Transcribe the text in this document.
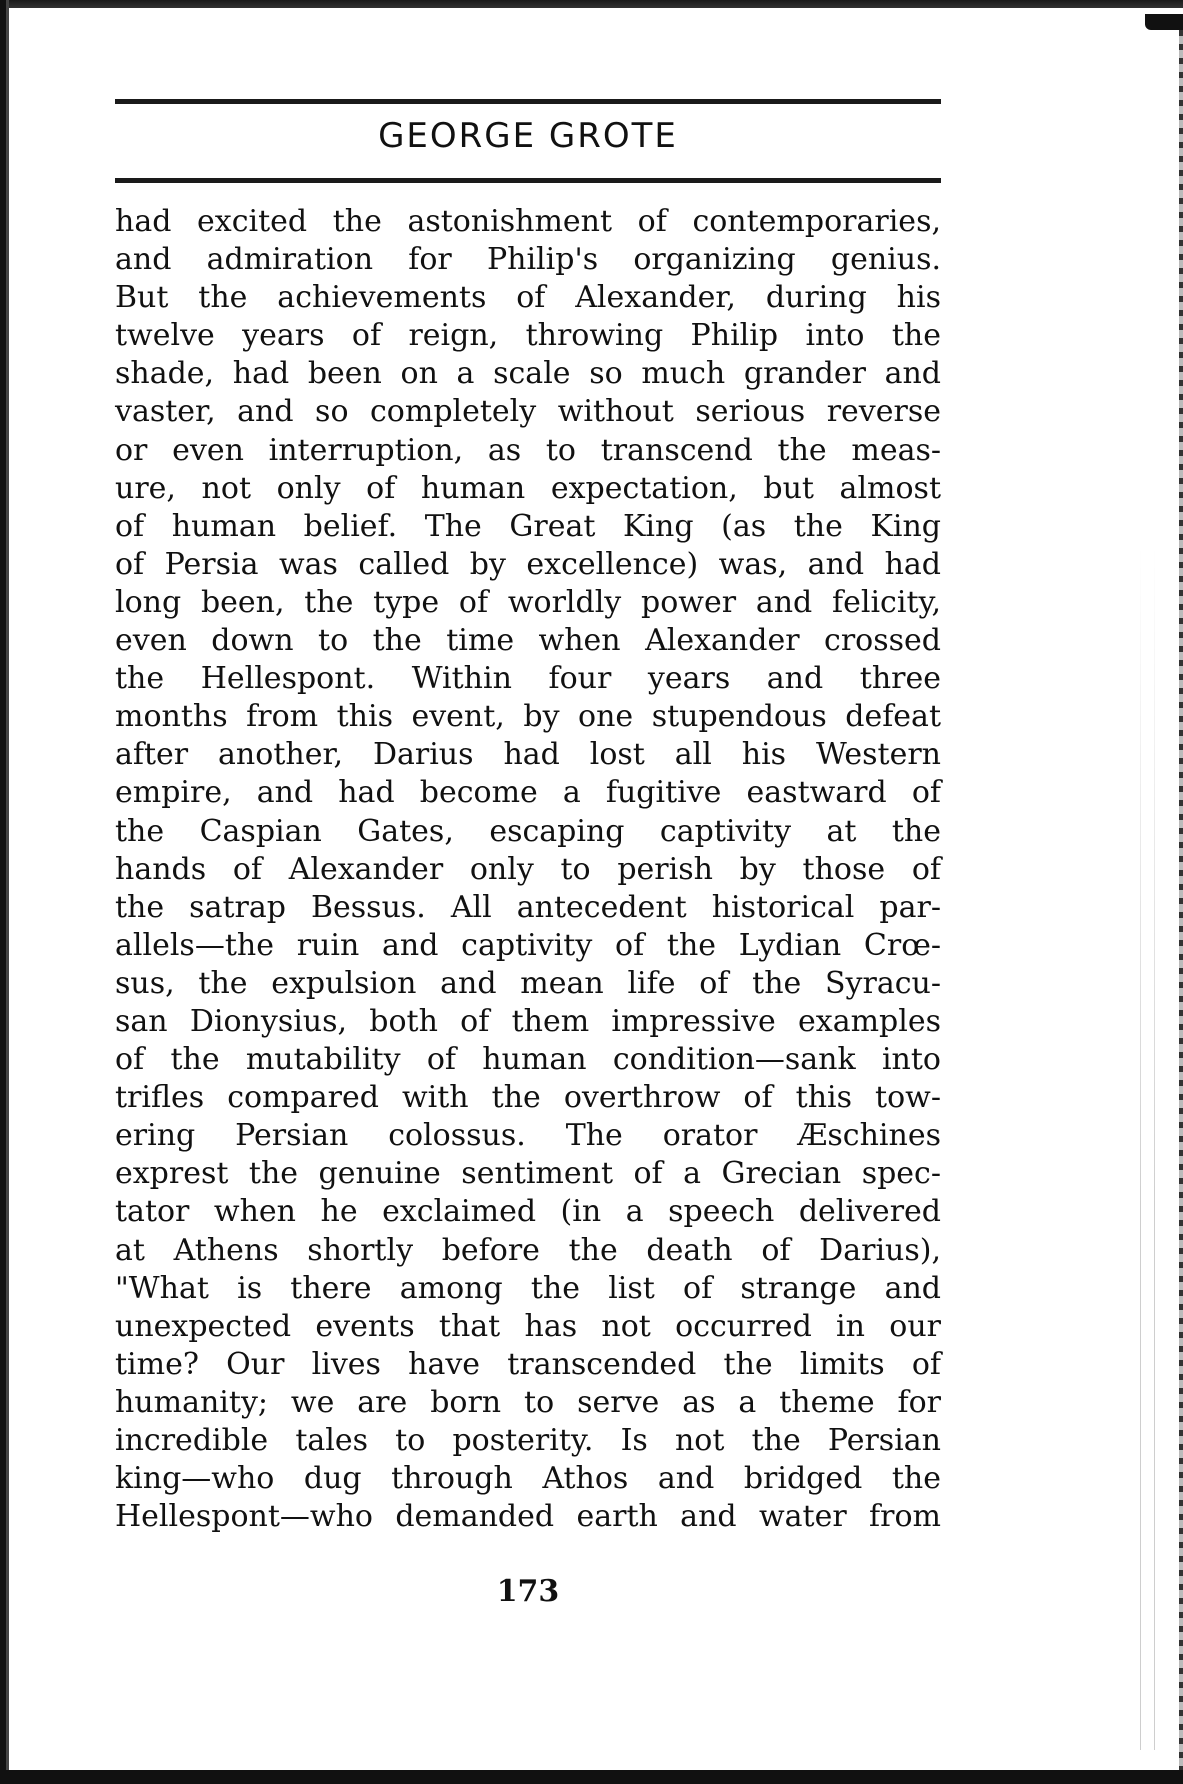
GEORGE GROTE
had excited the astonishment of contemporaries,
and admiration for Philip's organizing genius.
But the achievements of Alexander, during his
twelve years of reign, throwing Philip into the
shade, had been on a scale so much grander and
vaster, and so completely without serious reverse
or even interruption, as to transcend the meas-
ure, not only of human expectation, but almost
of human belief. The Great King (as the King
of Persia was called by excellence) was, and had
long been, the type of worldly power and felicity,
even down to the time when Alexander crossed
the Hellespont. Within four years and three
months from this event, by one stupendous defeat
after another, Darius had lost all his Western
empire, and had become a fugitive eastward of
the Caspian Gates, escaping captivity at the
hands of Alexander only to perish by those of
the satrap Bessus. All antecedent historical par-
allels—the ruin and captivity of the Lydian Crœ-
sus, the expulsion and mean life of the Syracu-
san Dionysius, both of them impressive examples
of the mutability of human condition—sank into
trifles compared with the overthrow of this tow-
ering Persian colossus. The orator Æschines
exprest the genuine sentiment of a Grecian spec-
tator when he exclaimed (in a speech delivered
at Athens shortly before the death of Darius),
"What is there among the list of strange and
unexpected events that has not occurred in our
time? Our lives have transcended the limits of
humanity; we are born to serve as a theme for
incredible tales to posterity. Is not the Persian
king—who dug through Athos and bridged the
Hellespont—who demanded earth and water from
173
